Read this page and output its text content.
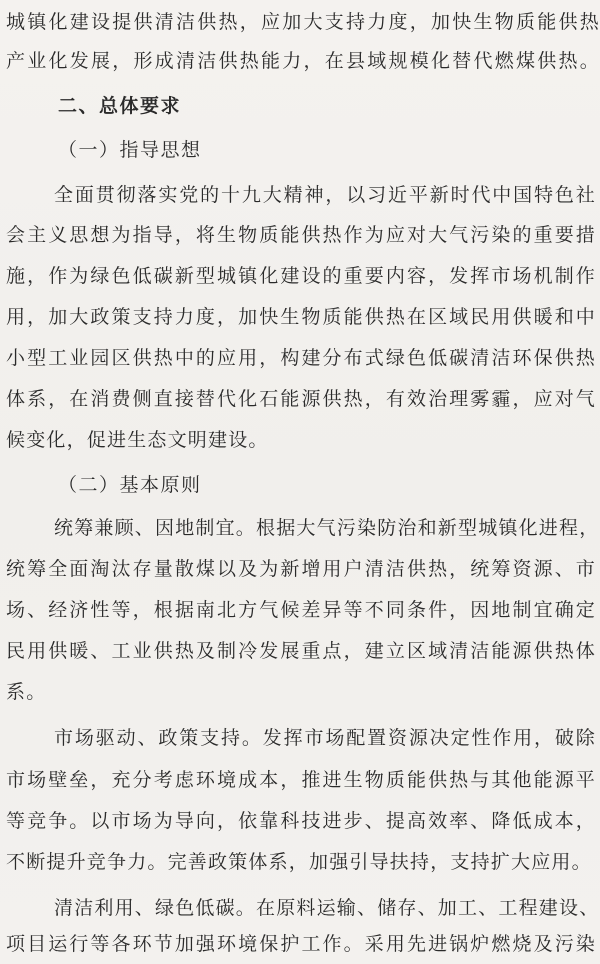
城镇化建设提供清洁供热，应加大支持力度，加快生物质能供热
产业化发展，形成清洁供热能力，在县域规模化替代燃煤供热。
二、总体要求
（一）指导思想
全面贯彻落实党的十九大精神，以习近平新时代中国特色社
会主义思想为指导，将生物质能供热作为应对大气污染的重要措
施，作为绿色低碳新型城镇化建设的重要内容，发挥市场机制作
用，加大政策支持力度，加快生物质能供热在区域民用供暖和中
小型工业园区供热中的应用，构建分布式绿色低碳清洁环保供热
体系，在消费侧直接替代化石能源供热，有效治理雾霾，应对气
候变化，促进生态文明建设。
（二）基本原则
统筹兼顾、因地制宜。根据大气污染防治和新型城镇化进程，
统筹全面淘汰存量散煤以及为新增用户清洁供热，统筹资源、市
场、经济性等，根据南北方气候差异等不同条件，因地制宜确定
民用供暖、工业供热及制冷发展重点，建立区域清洁能源供热体
系。
市场驱动、政策支持。发挥市场配置资源决定性作用，破除
市场壁垒，充分考虑环境成本，推进生物质能供热与其他能源平
等竞争。以市场为导向，依靠科技进步、提高效率、降低成本，
不断提升竞争力。完善政策体系，加强引导扶持，支持扩大应用。
清洁利用、绿色低碳。在原料运输、储存、加工、工程建设、
项目运行等各环节加强环境保护工作。采用先进锅炉燃烧及污染
